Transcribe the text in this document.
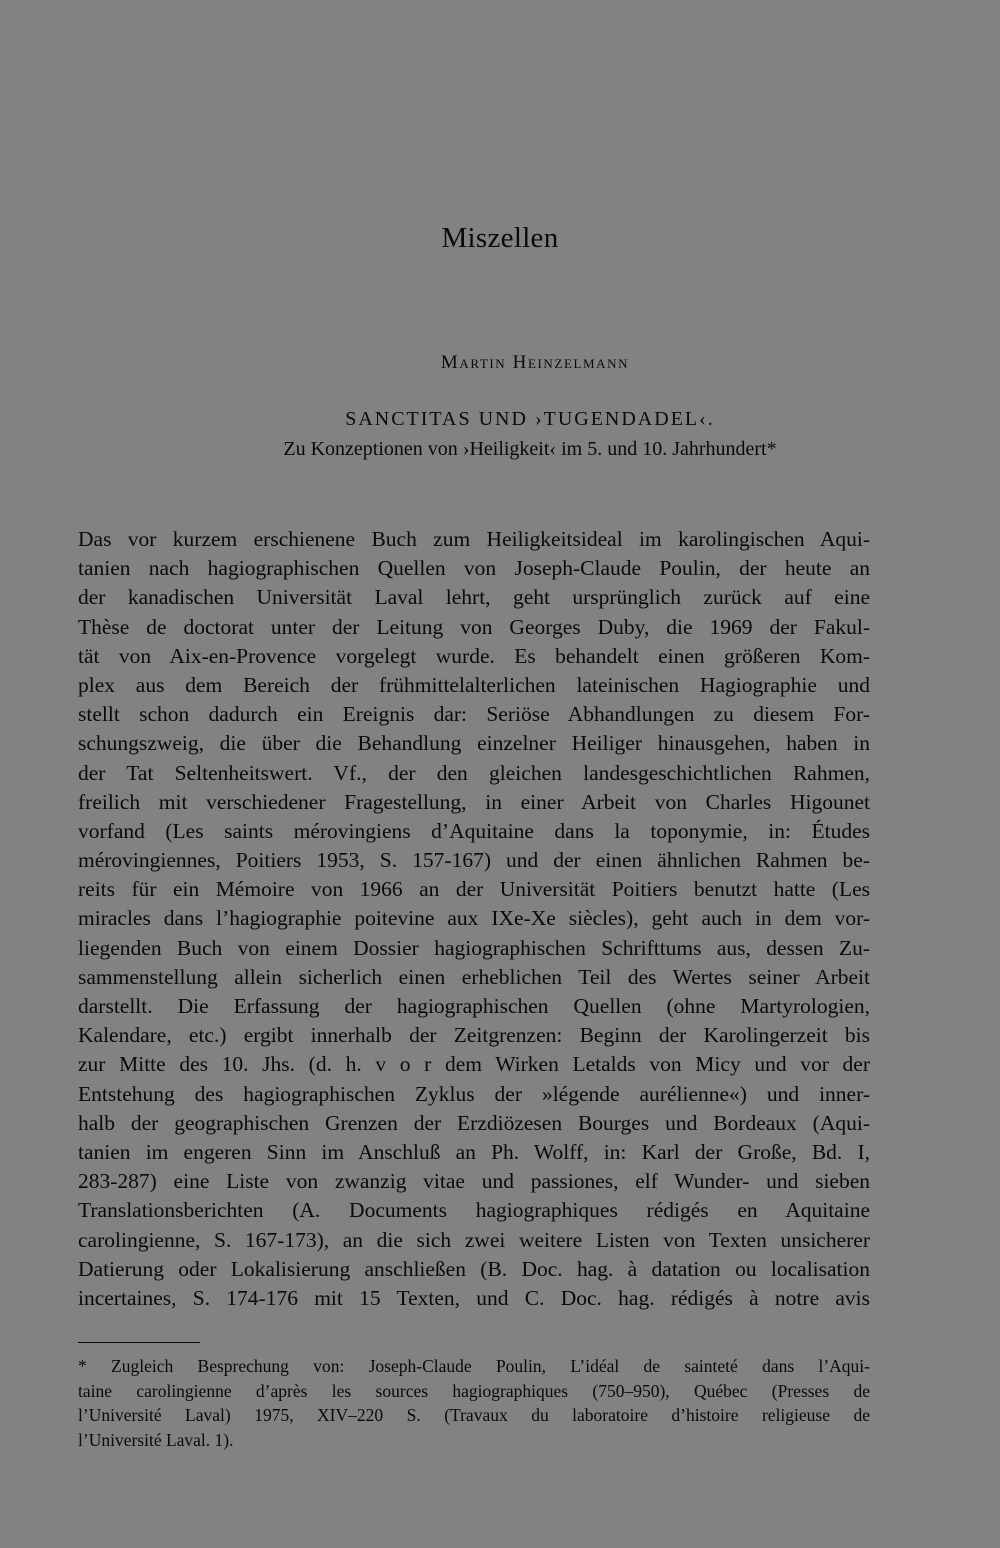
Miszellen
Martin Heinzelmann
SANCTITAS UND ›TUGENDADEL‹.
Zu Konzeptionen von ›Heiligkeit‹ im 5. und 10. Jahrhundert*
Das vor kurzem erschienene Buch zum Heiligkeitsideal im karolingischen Aqui-
tanien nach hagiographischen Quellen von Joseph-Claude Poulin, der heute an
der kanadischen Universität Laval lehrt, geht ursprünglich zurück auf eine
Thèse de doctorat unter der Leitung von Georges Duby, die 1969 der Fakul-
tät von Aix-en-Provence vorgelegt wurde. Es behandelt einen größeren Kom-
plex aus dem Bereich der frühmittelalterlichen lateinischen Hagiographie und
stellt schon dadurch ein Ereignis dar: Seriöse Abhandlungen zu diesem For-
schungszweig, die über die Behandlung einzelner Heiliger hinausgehen, haben in
der Tat Seltenheitswert. Vf., der den gleichen landesgeschichtlichen Rahmen,
freilich mit verschiedener Fragestellung, in einer Arbeit von Charles Higounet
vorfand (Les saints mérovingiens d’Aquitaine dans la toponymie, in: Études
mérovingiennes, Poitiers 1953, S. 157-167) und der einen ähnlichen Rahmen be-
reits für ein Mémoire von 1966 an der Universität Poitiers benutzt hatte (Les
miracles dans l’hagiographie poitevine aux IXe-Xe siècles), geht auch in dem vor-
liegenden Buch von einem Dossier hagiographischen Schrifttums aus, dessen Zu-
sammenstellung allein sicherlich einen erheblichen Teil des Wertes seiner Arbeit
darstellt. Die Erfassung der hagiographischen Quellen (ohne Martyrologien,
Kalendare, etc.) ergibt innerhalb der Zeitgrenzen: Beginn der Karolingerzeit bis
zur Mitte des 10. Jhs. (d. h. v o r dem Wirken Letalds von Micy und vor der
Entstehung des hagiographischen Zyklus der »légende aurélienne«) und inner-
halb der geographischen Grenzen der Erzdiözesen Bourges und Bordeaux (Aqui-
tanien im engeren Sinn im Anschluß an Ph. Wolff, in: Karl der Große, Bd. I,
283-287) eine Liste von zwanzig vitae und passiones, elf Wunder- und sieben
Translationsberichten (A. Documents hagiographiques rédigés en Aquitaine
carolingienne, S. 167-173), an die sich zwei weitere Listen von Texten unsicherer
Datierung oder Lokalisierung anschließen (B. Doc. hag. à datation ou localisation
incertaines, S. 174-176 mit 15 Texten, und C. Doc. hag. rédigés à notre avis
* Zugleich Besprechung von: Joseph-Claude Poulin, L’idéal de sainteté dans l’Aqui-
taine carolingienne d’après les sources hagiographiques (750–950), Québec (Presses de
l’Université Laval) 1975, XIV–220 S. (Travaux du laboratoire d’histoire religieuse de
l’Université Laval. 1).
